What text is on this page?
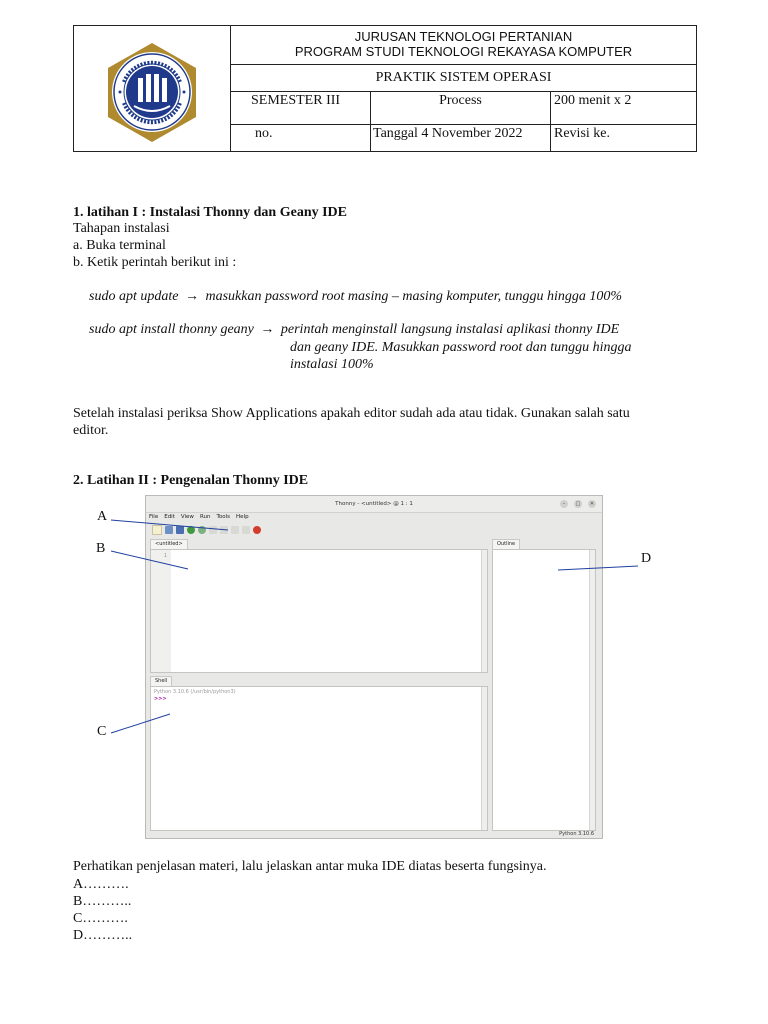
JURUSAN TEKNOLOGI PERTANIAN
PROGRAM STUDI TEKNOLOGI REKAYASA KOMPUTER
PRAKTIK SISTEM OPERASI
SEMESTER III	Process	200 menit x 2
no.	Tanggal 4 November 2022	Revisi ke.
1. latihan I : Instalasi Thonny dan Geany IDE
Tahapan instalasi
a. Buka terminal
b. Ketik perintah berikut ini :
sudo apt update → masukkan password root masing – masing komputer, tunggu hingga 100%
sudo apt install thonny geany → perintah menginstall langsung instalasi aplikasi thonny IDE
dan geany IDE. Masukkan password root dan tunggu hingga
instalasi 100%
Setelah instalasi periksa Show Applications apakah editor sudah ada atau tidak. Gunakan salah satu
editor.
2. Latihan II : Pengenalan Thonny IDE
Thonny - <untitled> @ 1 : 1	–	□	✕
File Edit View Run Tools Help
<untitled>
1
Outline
Shell
Python 3.10.6 (/usr/bin/python3)
>>>
Python 3.10.6
A
B
C
D
Perhatikan penjelasan materi, lalu jelaskan antar muka IDE diatas beserta fungsinya.
A……….
B………..
C……….
D………..
